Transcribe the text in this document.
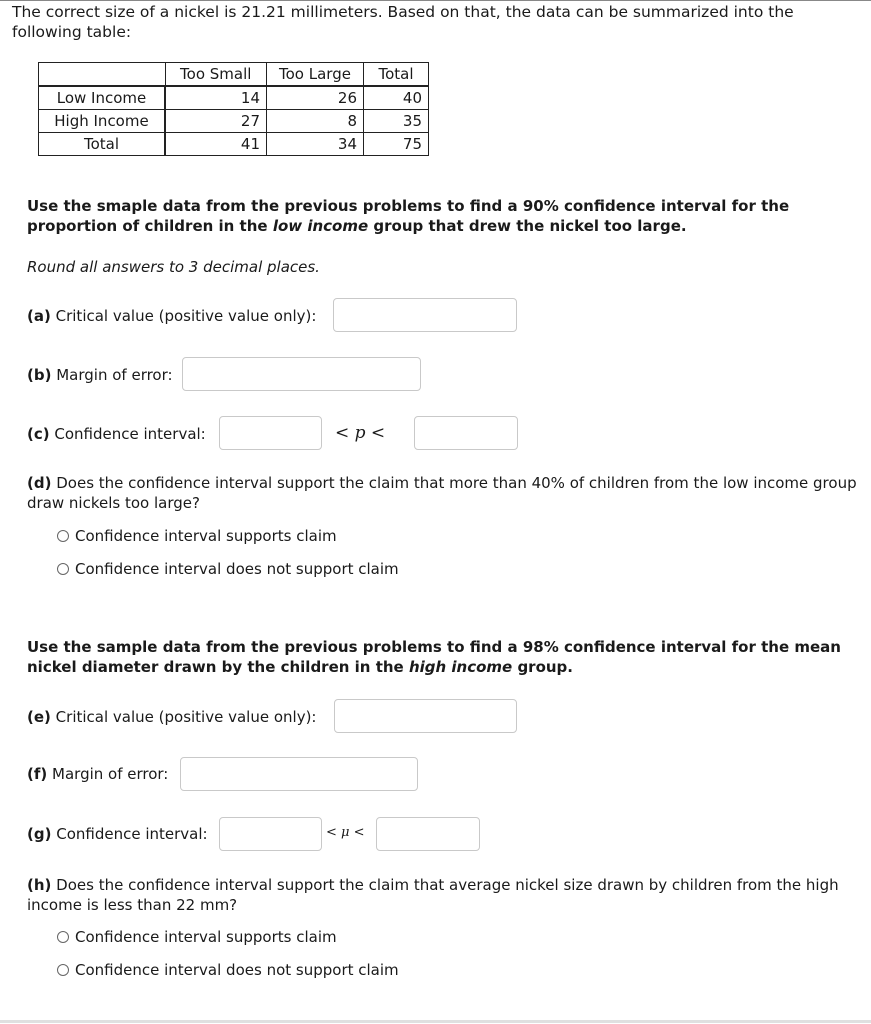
The correct size of a nickel is 21.21 millimeters. Based on that, the data can be summarized into the following table:
	Too Small	Too Large	Total
Low Income	14	26	40
High Income	27	8	35
Total	41	34	75
Use the smaple data from the previous problems to find a 90% confidence interval for the proportion of children in the low income group that drew the nickel too large.
Round all answers to 3 decimal places.
(a) Critical value (positive value only):
(b) Margin of error:
(c) Confidence interval:	< p <
(d) Does the confidence interval support the claim that more than 40% of children from the low income group draw nickels too large?
Confidence interval supports claim
Confidence interval does not support claim
Use the sample data from the previous problems to find a 98% confidence interval for the mean nickel diameter drawn by the children in the high income group.
(e) Critical value (positive value only):
(f) Margin of error:
(g) Confidence interval:	< μ <
(h) Does the confidence interval support the claim that average nickel size drawn by children from the high income is less than 22 mm?
Confidence interval supports claim
Confidence interval does not support claim
